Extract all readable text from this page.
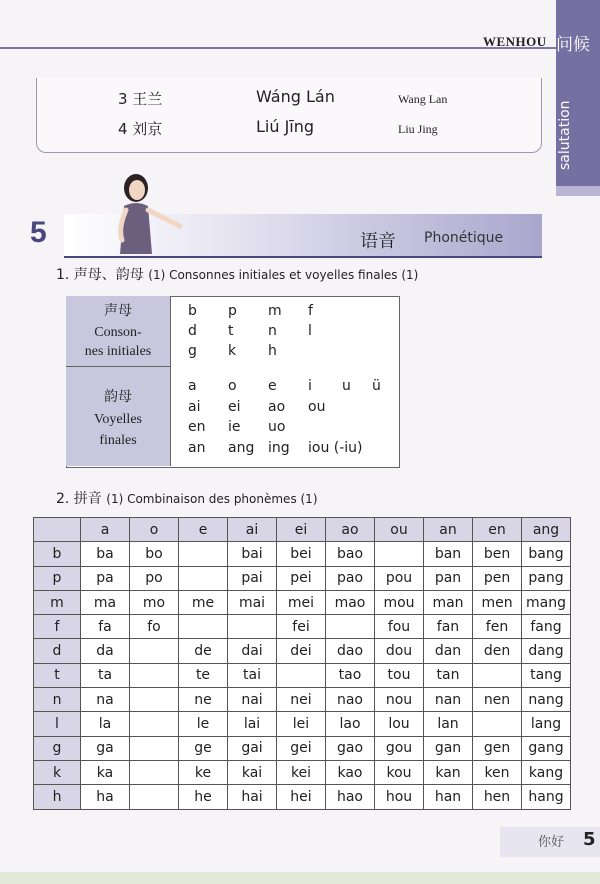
WENHOU 问候
salutation
3 王兰	Wáng Lán	Wang Lan
4 刘京	Liú Jīng	Liu Jing
5	语音 Phonétique
1. 声母、韵母 (1) Consonnes initiales et voyelles finales (1)
声母
Conson-
nes initiales
韵母
Voyelles
finales
b p m f
d t n l
g k h
a o e i u ü
ai ei ao ou
en ie uo
an ang ing iou (-iu)
2. 拼音 (1) Combinaison des phonèmes (1)
	a	o	e	ai	ei	ao	ou	an	en	ang
b	ba	bo		bai	bei	bao		ban	ben	bang
p	pa	po		pai	pei	pao	pou	pan	pen	pang
m	ma	mo	me	mai	mei	mao	mou	man	men	mang
f	fa	fo			fei		fou	fan	fen	fang
d	da		de	dai	dei	dao	dou	dan	den	dang
t	ta		te	tai		tao	tou	tan		tang
n	na		ne	nai	nei	nao	nou	nan	nen	nang
l	la		le	lai	lei	lao	lou	lan		lang
g	ga		ge	gai	gei	gao	gou	gan	gen	gang
k	ka		ke	kai	kei	kao	kou	kan	ken	kang
h	ha		he	hai	hei	hao	hou	han	hen	hang
你好 5
